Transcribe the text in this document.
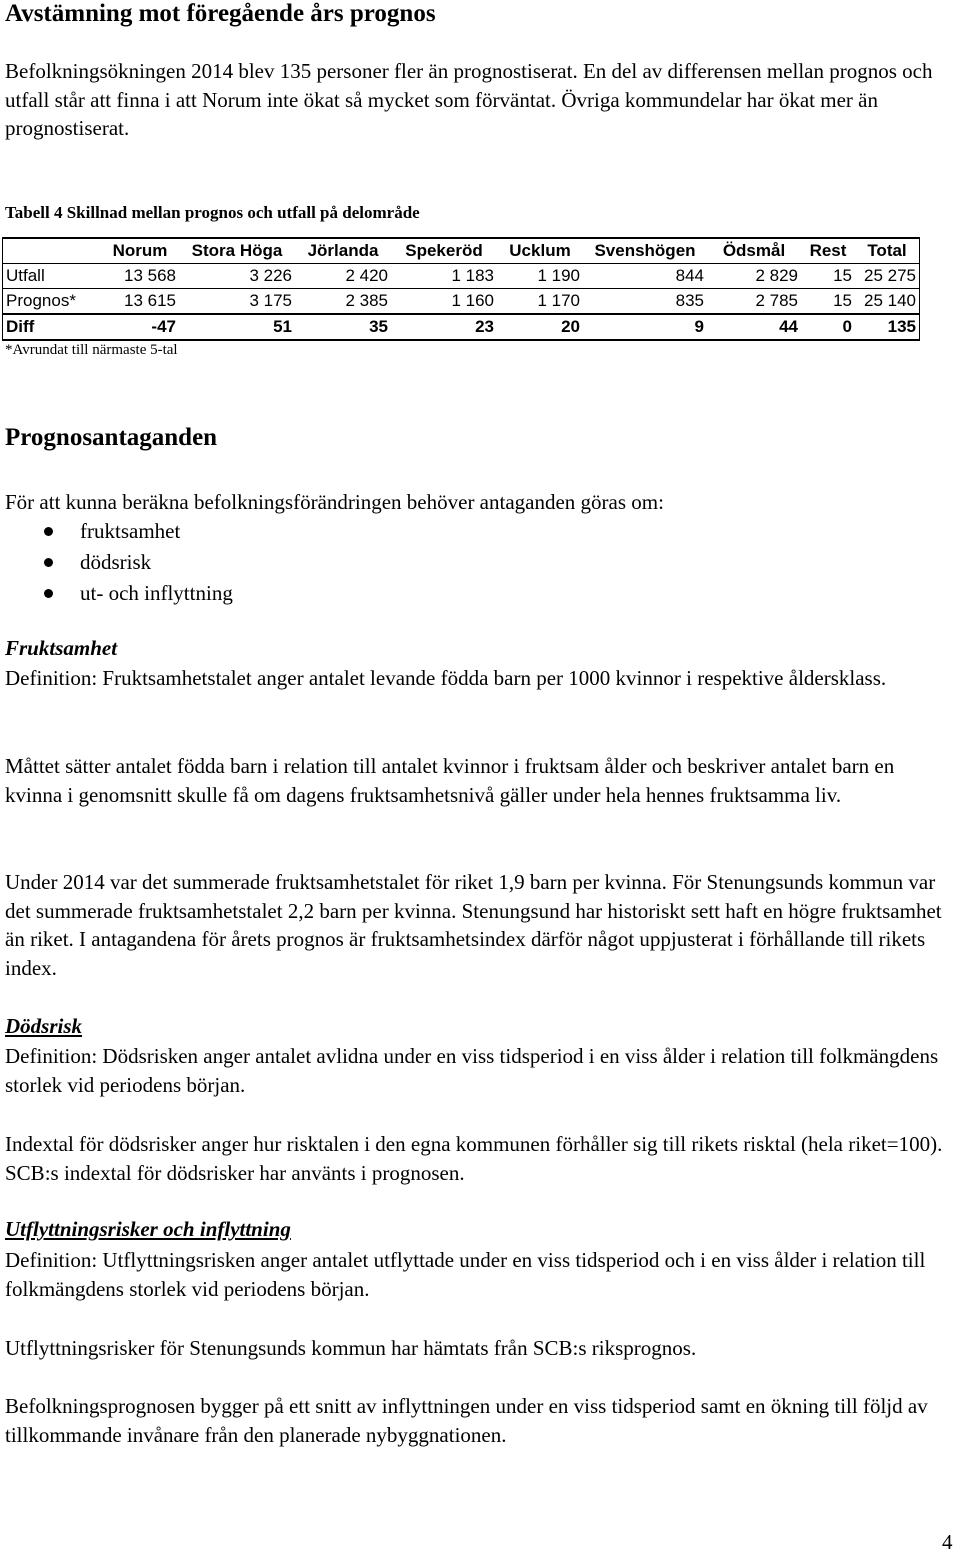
Avstämning mot föregående års prognos

Befolkningsökningen 2014 blev 135 personer fler än prognostiserat. En del av differensen mellan prognos och utfall står att finna i att Norum inte ökat så mycket som förväntat. Övriga kommundelar har ökat mer än prognostiserat.

Tabell 4 Skillnad mellan prognos och utfall på delområde

	Norum	Stora Höga	Jörlanda	Spekeröd	Ucklum	Svenshögen	Ödsmål	Rest	Total
Utfall	13 568	3 226	2 420	1 183	1 190	844	2 829	15	25 275
Prognos*	13 615	3 175	2 385	1 160	1 170	835	2 785	15	25 140
Diff	-47	51	35	23	20	9	44	0	135

*Avrundat till närmaste 5-tal

Prognosantaganden

För att kunna beräkna befolkningsförändringen behöver antaganden göras om:

fruktsamhet
dödsrisk
ut- och inflyttning

Fruktsamhet

Definition: Fruktsamhetstalet anger antalet levande födda barn per 1000 kvinnor i respektive åldersklass.

Måttet sätter antalet födda barn i relation till antalet kvinnor i fruktsam ålder och beskriver antalet barn en kvinna i genomsnitt skulle få om dagens fruktsamhetsnivå gäller under hela hennes fruktsamma liv.

Under 2014 var det summerade fruktsamhetstalet för riket 1,9 barn per kvinna. För Stenungsunds kommun var det summerade fruktsamhetstalet 2,2 barn per kvinna. Stenungsund har historiskt sett haft en högre fruktsamhet än riket. I antagandena för årets prognos är fruktsamhetsindex därför något uppjusterat i förhållande till rikets index.

Dödsrisk

Definition: Dödsrisken anger antalet avlidna under en viss tidsperiod i en viss ålder i relation till folkmängdens storlek vid periodens början.

Indextal för dödsrisker anger hur risktalen i den egna kommunen förhåller sig till rikets risktal (hela riket=100). SCB:s indextal för dödsrisker har använts i prognosen.

Utflyttningsrisker och inflyttning

Definition: Utflyttningsrisken anger antalet utflyttade under en viss tidsperiod och i en viss ålder i relation till folkmängdens storlek vid periodens början.

Utflyttningsrisker för Stenungsunds kommun har hämtats från SCB:s riksprognos.

Befolkningsprognosen bygger på ett snitt av inflyttningen under en viss tidsperiod samt en ökning till följd av tillkommande invånare från den planerade nybyggnationen.

4
